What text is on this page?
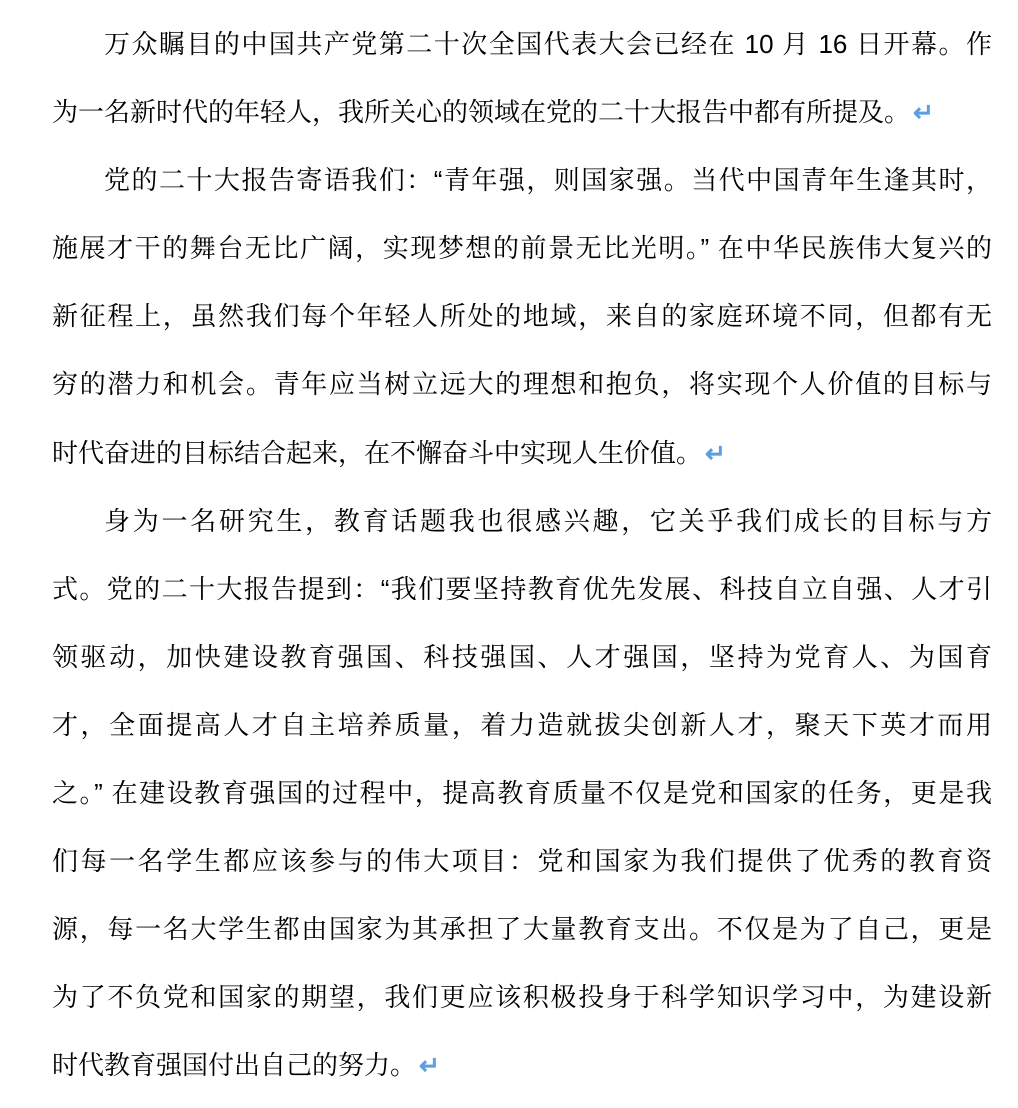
万众瞩目的中国共产党第二十次全国代表大会已经在 10 月 16 日开幕。作
为一名新时代的年轻人，我所关心的领域在党的二十大报告中都有所提及。 ↵
党的二十大报告寄语我们：“青年强，则国家强。当代中国青年生逢其时，
施展才干的舞台无比广阔，实现梦想的前景无比光明。” 在中华民族伟大复兴的
新征程上，虽然我们每个年轻人所处的地域，来自的家庭环境不同，但都有无
穷的潜力和机会。青年应当树立远大的理想和抱负，将实现个人价值的目标与
时代奋进的目标结合起来，在不懈奋斗中实现人生价值。 ↵
身为一名研究生，教育话题我也很感兴趣，它关乎我们成长的目标与方
式。党的二十大报告提到：“我们要坚持教育优先发展、科技自立自强、人才引
领驱动，加快建设教育强国、科技强国、人才强国，坚持为党育人、为国育
才，全面提高人才自主培养质量，着力造就拔尖创新人才，聚天下英才而用
之。” 在建设教育强国的过程中，提高教育质量不仅是党和国家的任务，更是我
们每一名学生都应该参与的伟大项目：党和国家为我们提供了优秀的教育资
源，每一名大学生都由国家为其承担了大量教育支出。不仅是为了自己，更是
为了不负党和国家的期望，我们更应该积极投身于科学知识学习中，为建设新
时代教育强国付出自己的努力。 ↵
